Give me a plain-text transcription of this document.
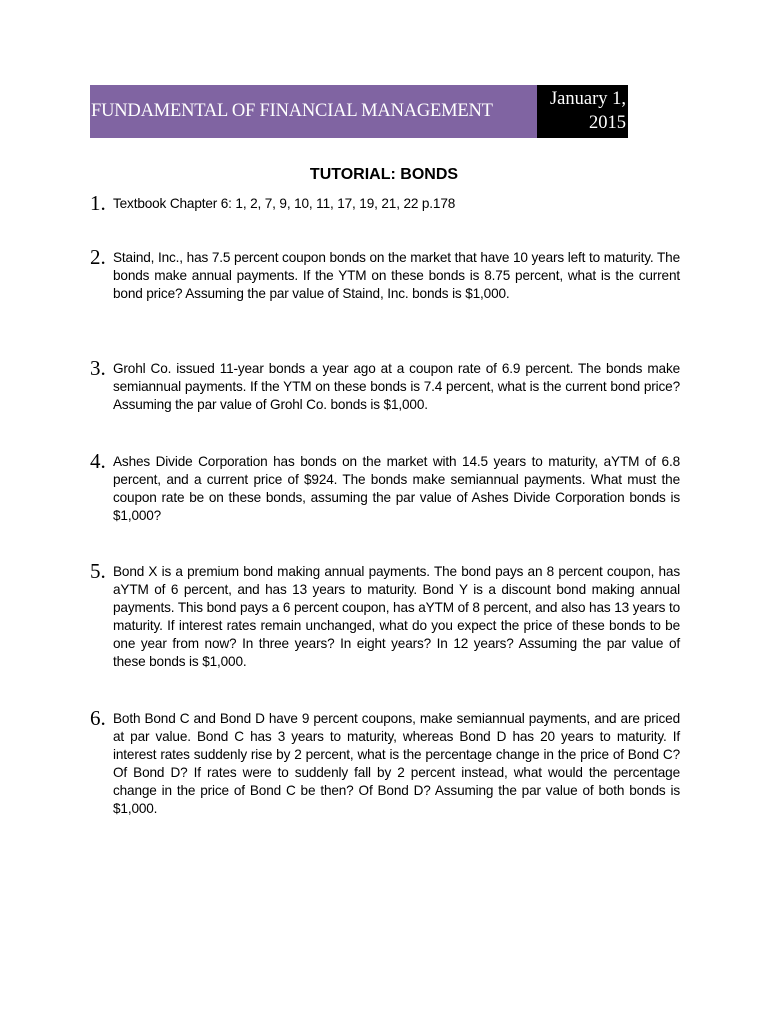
FUNDAMENTAL OF FINANCIAL MANAGEMENT
January 1, 2015
TUTORIAL: BONDS
1. Textbook Chapter 6: 1, 2, 7, 9, 10, 11, 17, 19, 21, 22 p.178
2. Staind, Inc., has 7.5 percent coupon bonds on the market that have 10 years left to maturity. The bonds make annual payments. If the YTM on these bonds is 8.75 percent, what is the current bond price? Assuming the par value of Staind, Inc. bonds is $1,000.
3. Grohl Co. issued 11-year bonds a year ago at a coupon rate of 6.9 percent. The bonds make semiannual payments. If the YTM on these bonds is 7.4 percent, what is the current bond price? Assuming the par value of Grohl Co. bonds is $1,000.
4. Ashes Divide Corporation has bonds on the market with 14.5 years to maturity, aYTM of 6.8 percent, and a current price of $924. The bonds make semiannual payments. What must the coupon rate be on these bonds, assuming the par value of Ashes Divide Corporation bonds is $1,000?
5. Bond X is a premium bond making annual payments. The bond pays an 8 percent coupon, has aYTM of 6 percent, and has 13 years to maturity. Bond Y is a discount bond making annual payments. This bond pays a 6 percent coupon, has aYTM of 8 percent, and also has 13 years to maturity. If interest rates remain unchanged, what do you expect the price of these bonds to be one year from now? In three years? In eight years? In 12 years? Assuming the par value of these bonds is $1,000.
6. Both Bond C and Bond D have 9 percent coupons, make semiannual payments, and are priced at par value. Bond C has 3 years to maturity, whereas Bond D has 20 years to maturity. If interest rates suddenly rise by 2 percent, what is the percentage change in the price of Bond C? Of Bond D? If rates were to suddenly fall by 2 percent instead, what would the percentage change in the price of Bond C be then? Of Bond D? Assuming the par value of both bonds is $1,000.
